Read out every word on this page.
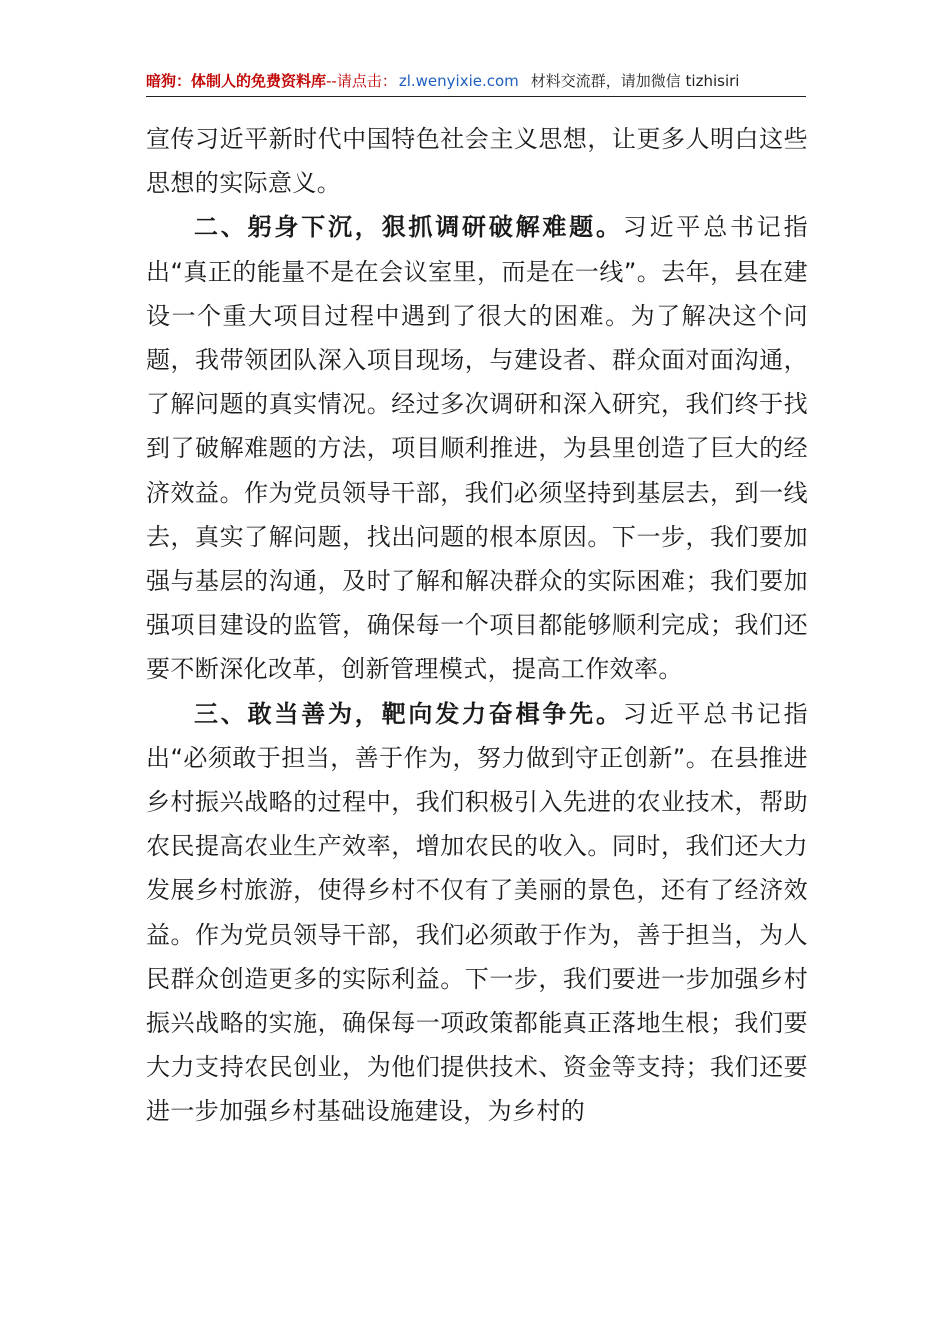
暗狗：体制人的免费资料库--请点击： zl.wenyixie.com 材料交流群，请加微信 tizhisiri

宣传习近平新时代中国特色社会主义思想，让更多人明白这些思想的实际意义。

二、躬身下沉，狠抓调研破解难题。习近平总书记指出“真正的能量不是在会议室里，而是在一线”。去年，县在建设一个重大项目过程中遇到了很大的困难。为了解决这个问题，我带领团队深入项目现场，与建设者、群众面对面沟通，了解问题的真实情况。经过多次调研和深入研究，我们终于找到了破解难题的方法，项目顺利推进，为县里创造了巨大的经济效益。作为党员领导干部，我们必须坚持到基层去，到一线去，真实了解问题，找出问题的根本原因。下一步，我们要加强与基层的沟通，及时了解和解决群众的实际困难；我们要加强项目建设的监管，确保每一个项目都能够顺利完成；我们还要不断深化改革，创新管理模式，提高工作效率。

三、敢当善为，靶向发力奋楫争先。习近平总书记指出“必须敢于担当，善于作为，努力做到守正创新”。在县推进乡村振兴战略的过程中，我们积极引入先进的农业技术，帮助农民提高农业生产效率，增加农民的收入。同时，我们还大力发展乡村旅游，使得乡村不仅有了美丽的景色，还有了经济效益。作为党员领导干部，我们必须敢于作为，善于担当，为人民群众创造更多的实际利益。下一步，我们要进一步加强乡村振兴战略的实施，确保每一项政策都能真正落地生根；我们要大力支持农民创业，为他们提供技术、资金等支持；我们还要进一步加强乡村基础设施建设，为乡村的
